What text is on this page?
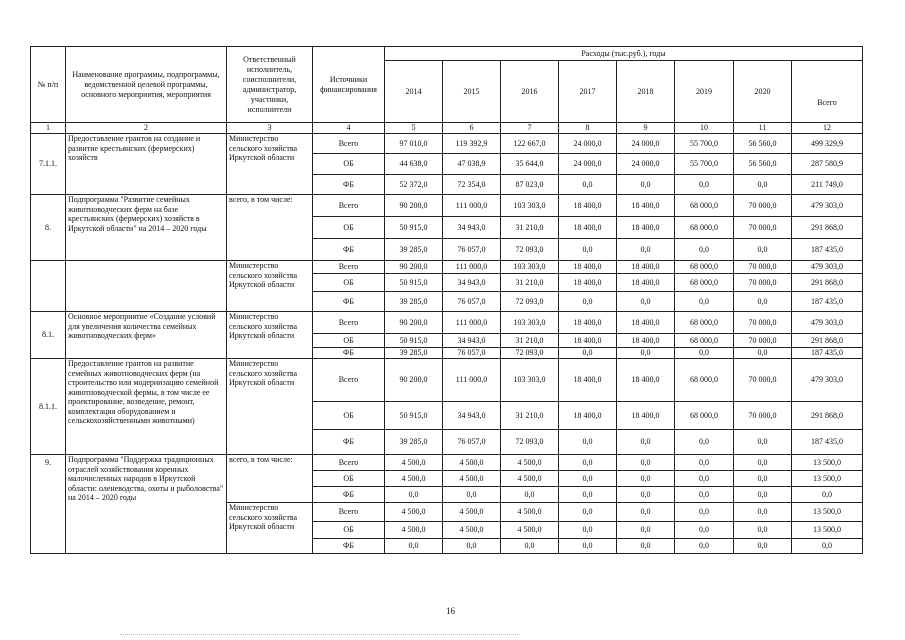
№ п/п	Наименование программы, подпрограммы, ведомственной целевой программы, основного мероприятия, мероприятия	Ответственный исполнитель, соисполнители, администратор, участники, исполнители	Источники финансирования	Расходы (тыс.руб.), годы							
				2014	2015	2016	2017	2018	2019	2020	Всего
1	2	3	4	5	6	7	8	9	10	11	12
7.1.1.	Предоставление грантов на создание и развитие крестьянских (фермерских) хозяйств	Министерство сельского хозяйства Иркутской области	Всего	97 010,0	119 392,9	122 667,0	24 000,0	24 000,0	55 700,0	56 560,0	499 329,9
			ОБ	44 638,0	47 038,9	35 644,0	24 000,0	24 000,0	55 700,0	56 560,0	287 580,9
			ФБ	52 372,0	72 354,0	87 023,0	0,0	0,0	0,0	0,0	211 749,0
8.	Подпрограмма "Развитие семейных животноводческих ферм на базе крестьянских (фермерских) хозяйств в Иркутской области" на 2014 – 2020 годы	всего, в том числе:	Всего	90 200,0	111 000,0	103 303,0	18 400,0	18 400,0	68 000,0	70 000,0	479 303,0
			ОБ	50 915,0	34 943,0	31 210,0	18 400,0	18 400,0	68 000,0	70 000,0	291 868,0
			ФБ	39 285,0	76 057,0	72 093,0	0,0	0,0	0,0	0,0	187 435,0
		Министерство сельского хозяйства Иркутской области	Всего	90 200,0	111 000,0	103 303,0	18 400,0	18 400,0	68 000,0	70 000,0	479 303,0
			ОБ	50 915,0	34 943,0	31 210,0	18 400,0	18 400,0	68 000,0	70 000,0	291 868,0
			ФБ	39 285,0	76 057,0	72 093,0	0,0	0,0	0,0	0,0	187 435,0
8.1.	Основное мероприятие «Создание условий для увеличения количества семейных животноводческих ферм»	Министерство сельского хозяйства Иркутской области	Всего	90 200,0	111 000,0	103 303,0	18 400,0	18 400,0	68 000,0	70 000,0	479 303,0
			ОБ	50 915,0	34 943,0	31 210,0	18 400,0	18 400,0	68 000,0	70 000,0	291 868,0
			ФБ	39 285,0	76 057,0	72 093,0	0,0	0,0	0,0	0,0	187 435,0
8.1.1.	Предоставление грантов на развитие семейных животноводческих ферм (на строительство или модернизацию семейной животноводческой фермы, в том числе ее проектирование, возведение, ремонт, комплектация оборудованием и сельскохозяйственными животными)	Министерство сельского хозяйства Иркутской области	Всего	90 200,0	111 000,0	103 303,0	18 400,0	18 400,0	68 000,0	70 000,0	479 303,0
			ОБ	50 915,0	34 943,0	31 210,0	18 400,0	18 400,0	68 000,0	70 000,0	291 868,0
			ФБ	39 285,0	76 057,0	72 093,0	0,0	0,0	0,0	0,0	187 435,0
9.	Подпрограмма "Поддержка традиционных отраслей хозяйствования коренных малочисленных народов в Иркутской области: оленеводства, охоты и рыболовства" на 2014 – 2020 годы	всего, в том числе:	Всего	4 500,0	4 500,0	4 500,0	0,0	0,0	0,0	0,0	13 500,0
			ОБ	4 500,0	4 500,0	4 500,0	0,0	0,0	0,0	0,0	13 500,0
			ФБ	0,0	0,0	0,0	0,0	0,0	0,0	0,0	0,0
		Министерство сельского хозяйства Иркутской области	Всего	4 500,0	4 500,0	4 500,0	0,0	0,0	0,0	0,0	13 500,0
			ОБ	4 500,0	4 500,0	4 500,0	0,0	0,0	0,0	0,0	13 500,0
			ФБ	0,0	0,0	0,0	0,0	0,0	0,0	0,0	0,0
16
